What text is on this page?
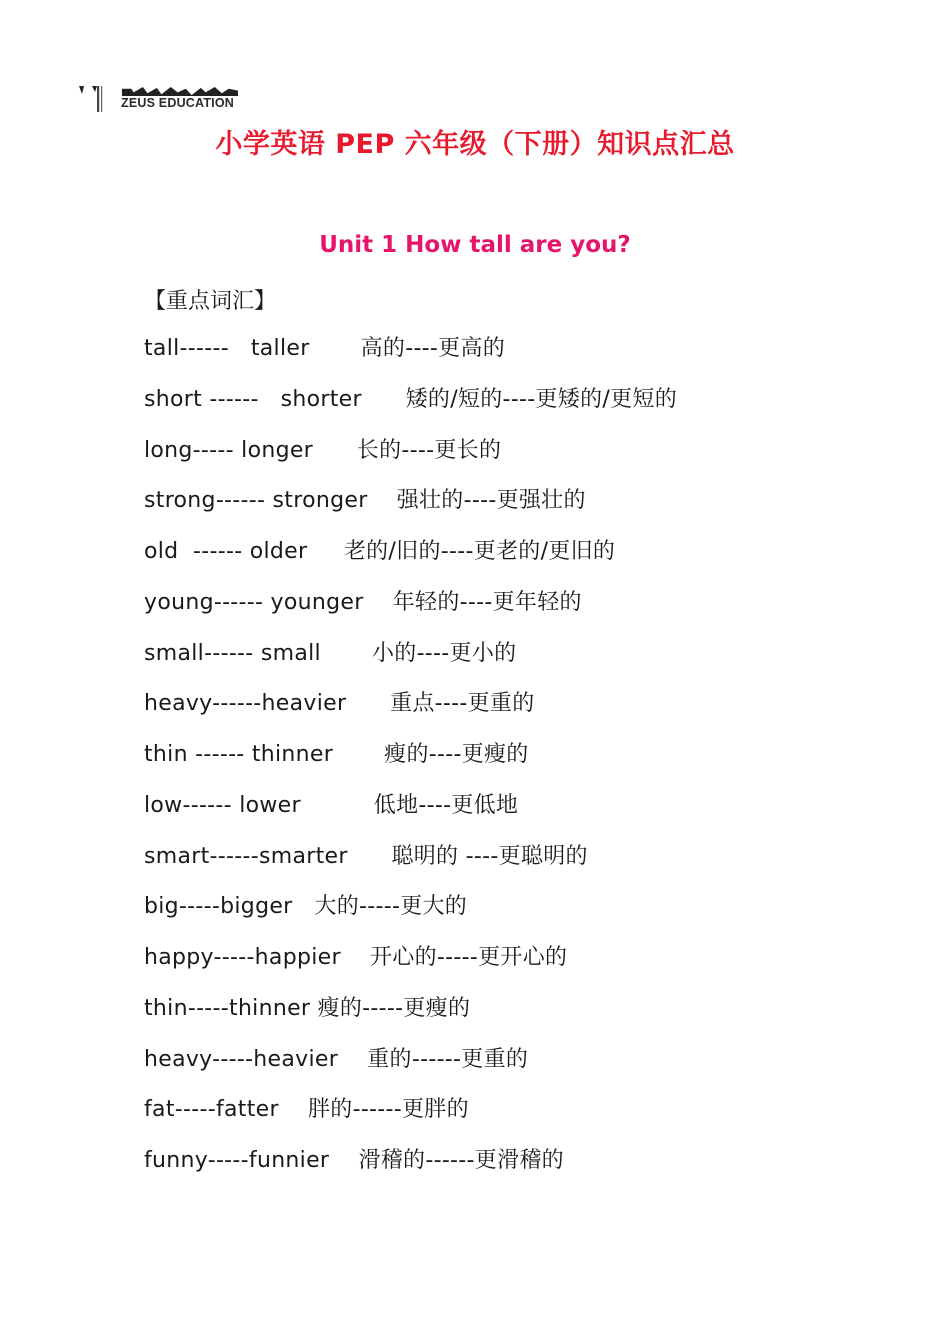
ZEUS EDUCATION
小学英语 PEP 六年级（下册）知识点汇总
Unit 1 How tall are you?
【重点词汇】
tall------   taller       高的----更高的
short ------   shorter      矮的/短的----更矮的/更短的
long----- longer      长的----更长的
strong------ stronger    强壮的----更强壮的
old  ------ older     老的/旧的----更老的/更旧的
young------ younger    年轻的----更年轻的
small------ small       小的----更小的
heavy------heavier      重点----更重的
thin ------ thinner       瘦的----更瘦的
low------ lower          低地----更低地
smart------smarter      聪明的 ----更聪明的
big-----bigger   大的-----更大的
happy-----happier    开心的-----更开心的
thin-----thinner 瘦的-----更瘦的
heavy-----heavier    重的------更重的
fat-----fatter    胖的------更胖的
funny-----funnier    滑稽的------更滑稽的
